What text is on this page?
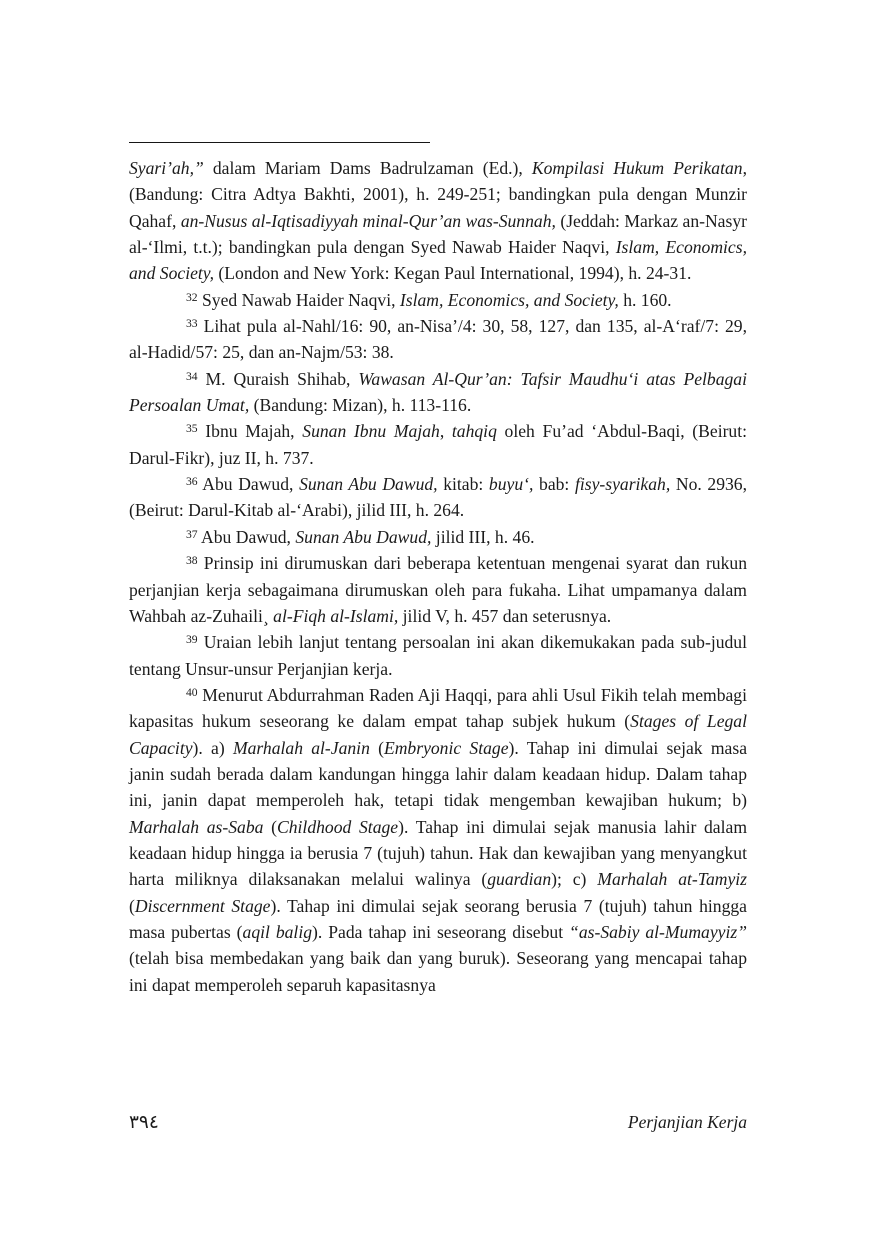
Syari’ah,” dalam Mariam Dams Badrulzaman (Ed.), Kompilasi Hukum Perikatan, (Bandung: Citra Adtya Bakhti, 2001), h. 249-251; bandingkan pula dengan Munzir Qahaf, an-Nusus al-Iqtisadiyyah minal-Qur’an was-Sunnah, (Jeddah: Markaz an-Nasyr al-‘Ilmi, t.t.); bandingkan pula dengan Syed Nawab Haider Naqvi, Islam, Economics, and Society, (London and New York: Kegan Paul International, 1994), h. 24-31.

$^{32}$ Syed Nawab Haider Naqvi, Islam, Economics, and Society, h. 160.

$^{33}$ Lihat pula al-Nahl/16: 90, an-Nisa’/4: 30, 58, 127, dan 135, al-A‘raf/7: 29, al-Hadid/57: 25, dan an-Najm/53: 38.

$^{34}$ M. Quraish Shihab, Wawasan Al-Qur’an: Tafsir Maudhu‘i atas Pelbagai Persoalan Umat, (Bandung: Mizan), h. 113-116.

$^{35}$ Ibnu Majah, Sunan Ibnu Majah, tahqiq oleh Fu’ad ‘Abdul-Baqi, (Beirut: Darul-Fikr), juz II, h. 737.

$^{36}$ Abu Dawud, Sunan Abu Dawud, kitab: buyu‘, bab: fisy-syarikah, No. 2936, (Beirut: Darul-Kitab al-‘Arabi), jilid III, h. 264.

$^{37}$ Abu Dawud, Sunan Abu Dawud, jilid III, h. 46.

$^{38}$ Prinsip ini dirumuskan dari beberapa ketentuan mengenai syarat dan rukun perjanjian kerja sebagaimana dirumuskan oleh para fukaha. Lihat umpamanya dalam Wahbah az-Zuhaili¸ al-Fiqh al-Islami, jilid V, h. 457 dan seterusnya.

$^{39}$ Uraian lebih lanjut tentang persoalan ini akan dikemukakan pada sub-judul tentang Unsur-unsur Perjanjian kerja.

$^{40}$ Menurut Abdurrahman Raden Aji Haqqi, para ahli Usul Fikih telah membagi kapasitas hukum seseorang ke dalam empat tahap subjek hukum (Stages of Legal Capacity). a) Marhalah al-Janin (Embryonic Stage). Tahap ini dimulai sejak masa janin sudah berada dalam kandungan hingga lahir dalam keadaan hidup. Dalam tahap ini, janin dapat memperoleh hak, tetapi tidak mengemban kewajiban hukum; b) Marhalah as-Saba (Childhood Stage). Tahap ini dimulai sejak manusia lahir dalam keadaan hidup hingga ia berusia 7 (tujuh) tahun. Hak dan kewajiban yang menyangkut harta miliknya dilaksanakan melalui walinya (guardian); c) Marhalah at-Tamyiz (Discernment Stage). Tahap ini dimulai sejak seorang berusia 7 (tujuh) tahun hingga masa pubertas (aqil balig). Pada tahap ini seseorang disebut “as-Sabiy al-Mumayyiz” (telah bisa membedakan yang baik dan yang buruk). Seseorang yang mencapai tahap ini dapat memperoleh separuh kapasitasnya

٣٩٤	Perjanjian Kerja
